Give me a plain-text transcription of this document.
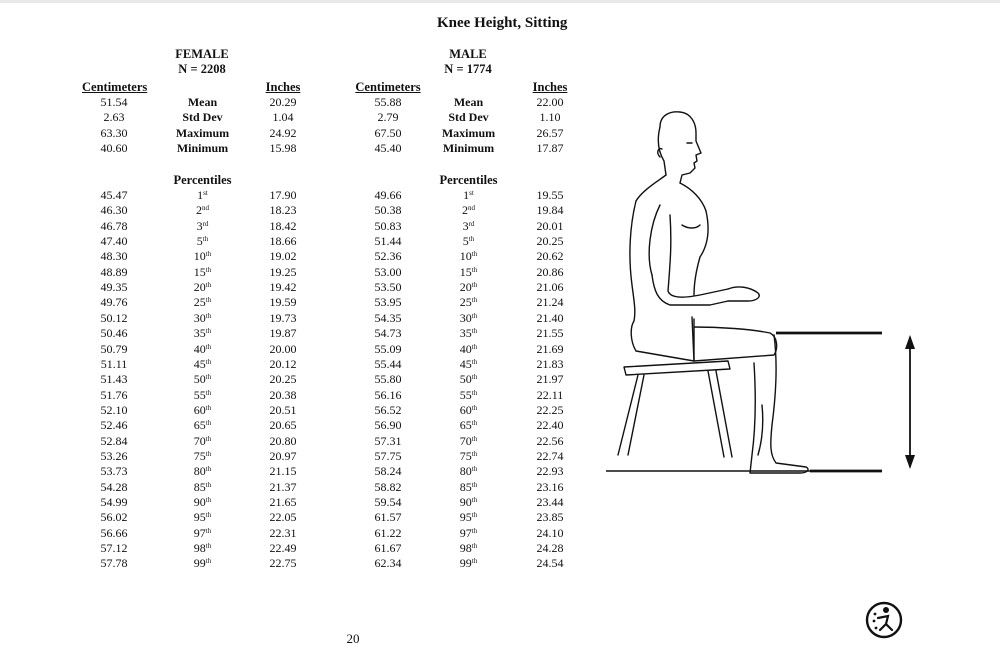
Knee Height, Sitting
FEMALE
N = 2208
MALE
N = 1774
Centimeters	Inches	Centimeters	Inches
Percentiles	Percentiles
51.54	Mean	20.29
2.63	Std Dev	1.04
63.30	Maximum	24.92
40.60	Minimum	15.98
45.47	1st	17.90
46.30	2nd	18.23
46.78	3rd	18.42
47.40	5th	18.66
48.30	10th	19.02
48.89	15th	19.25
49.35	20th	19.42
49.76	25th	19.59
50.12	30th	19.73
50.46	35th	19.87
50.79	40th	20.00
51.11	45th	20.12
51.43	50th	20.25
51.76	55th	20.38
52.10	60th	20.51
52.46	65th	20.65
52.84	70th	20.80
53.26	75th	20.97
53.73	80th	21.15
54.28	85th	21.37
54.99	90th	21.65
56.02	95th	22.05
56.66	97th	22.31
57.12	98th	22.49
57.78	99th	22.75
55.88	Mean	22.00
2.79	Std Dev	1.10
67.50	Maximum	26.57
45.40	Minimum	17.87
49.66	1st	19.55
50.38	2nd	19.84
50.83	3rd	20.01
51.44	5th	20.25
52.36	10th	20.62
53.00	15th	20.86
53.50	20th	21.06
53.95	25th	21.24
54.35	30th	21.40
54.73	35th	21.55
55.09	40th	21.69
55.44	45th	21.83
55.80	50th	21.97
56.16	55th	22.11
56.52	60th	22.25
56.90	65th	22.40
57.31	70th	22.56
57.75	75th	22.74
58.24	80th	22.93
58.82	85th	23.16
59.54	90th	23.44
61.57	95th	23.85
61.22	97th	24.10
61.67	98th	24.28
62.34	99th	24.54
20
